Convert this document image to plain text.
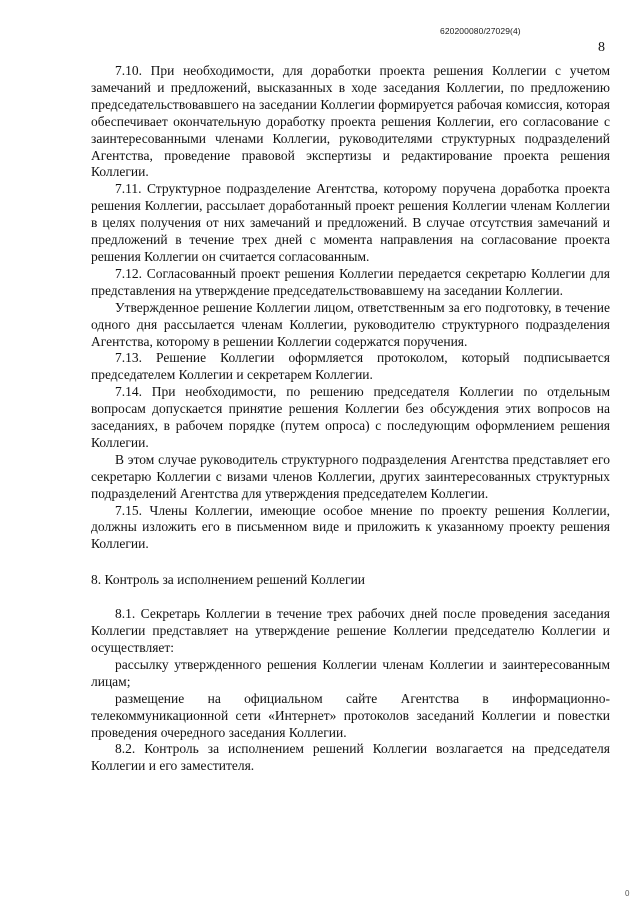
620200080/27029(4)
8

7.10. При необходимости, для доработки проекта решения Коллегии с учетом замечаний и предложений, высказанных в ходе заседания Коллегии, по предложению председательствовавшего на заседании Коллегии формируется рабочая комиссия, которая обеспечивает окончательную доработку проекта решения Коллегии, его согласование с заинтересованными членами Коллегии, руководителями структурных подразделений Агентства, проведение правовой экспертизы и редактирование проекта решения Коллегии.

7.11. Структурное подразделение Агентства, которому поручена доработка проекта решения Коллегии, рассылает доработанный проект решения Коллегии членам Коллегии в целях получения от них замечаний и предложений. В случае отсутствия замечаний и предложений в течение трех дней с момента направления на согласование проекта решения Коллегии он считается согласованным.

7.12. Согласованный проект решения Коллегии передается секретарю Коллегии для представления на утверждение председательствовавшему на заседании Коллегии.

Утвержденное решение Коллегии лицом, ответственным за его подготовку, в течение одного дня рассылается членам Коллегии, руководителю структурного подразделения Агентства, которому в решении Коллегии содержатся поручения.

7.13. Решение Коллегии оформляется протоколом, который подписывается председателем Коллегии и секретарем Коллегии.

7.14. При необходимости, по решению председателя Коллегии по отдельным вопросам допускается принятие решения Коллегии без обсуждения этих вопросов на заседаниях, в рабочем порядке (путем опроса) с последующим оформлением решения Коллегии.

В этом случае руководитель структурного подразделения Агентства представляет его секретарю Коллегии с визами членов Коллегии, других заинтересованных структурных подразделений Агентства для утверждения председателем Коллегии.

7.15. Члены Коллегии, имеющие особое мнение по проекту решения Коллегии, должны изложить его в письменном виде и приложить к указанному проекту решения Коллегии.

8. Контроль за исполнением решений Коллегии

8.1. Секретарь Коллегии в течение трех рабочих дней после проведения заседания Коллегии представляет на утверждение решение Коллегии председателю Коллегии и осуществляет:

рассылку утвержденного решения Коллегии членам Коллегии и заинтересованным лицам;

размещение на официальном сайте Агентства в информационно-телекоммуникационной сети «Интернет» протоколов заседаний Коллегии и повестки проведения очередного заседания Коллегии.

8.2. Контроль за исполнением решений Коллегии возлагается на председателя Коллегии и его заместителя.

0
